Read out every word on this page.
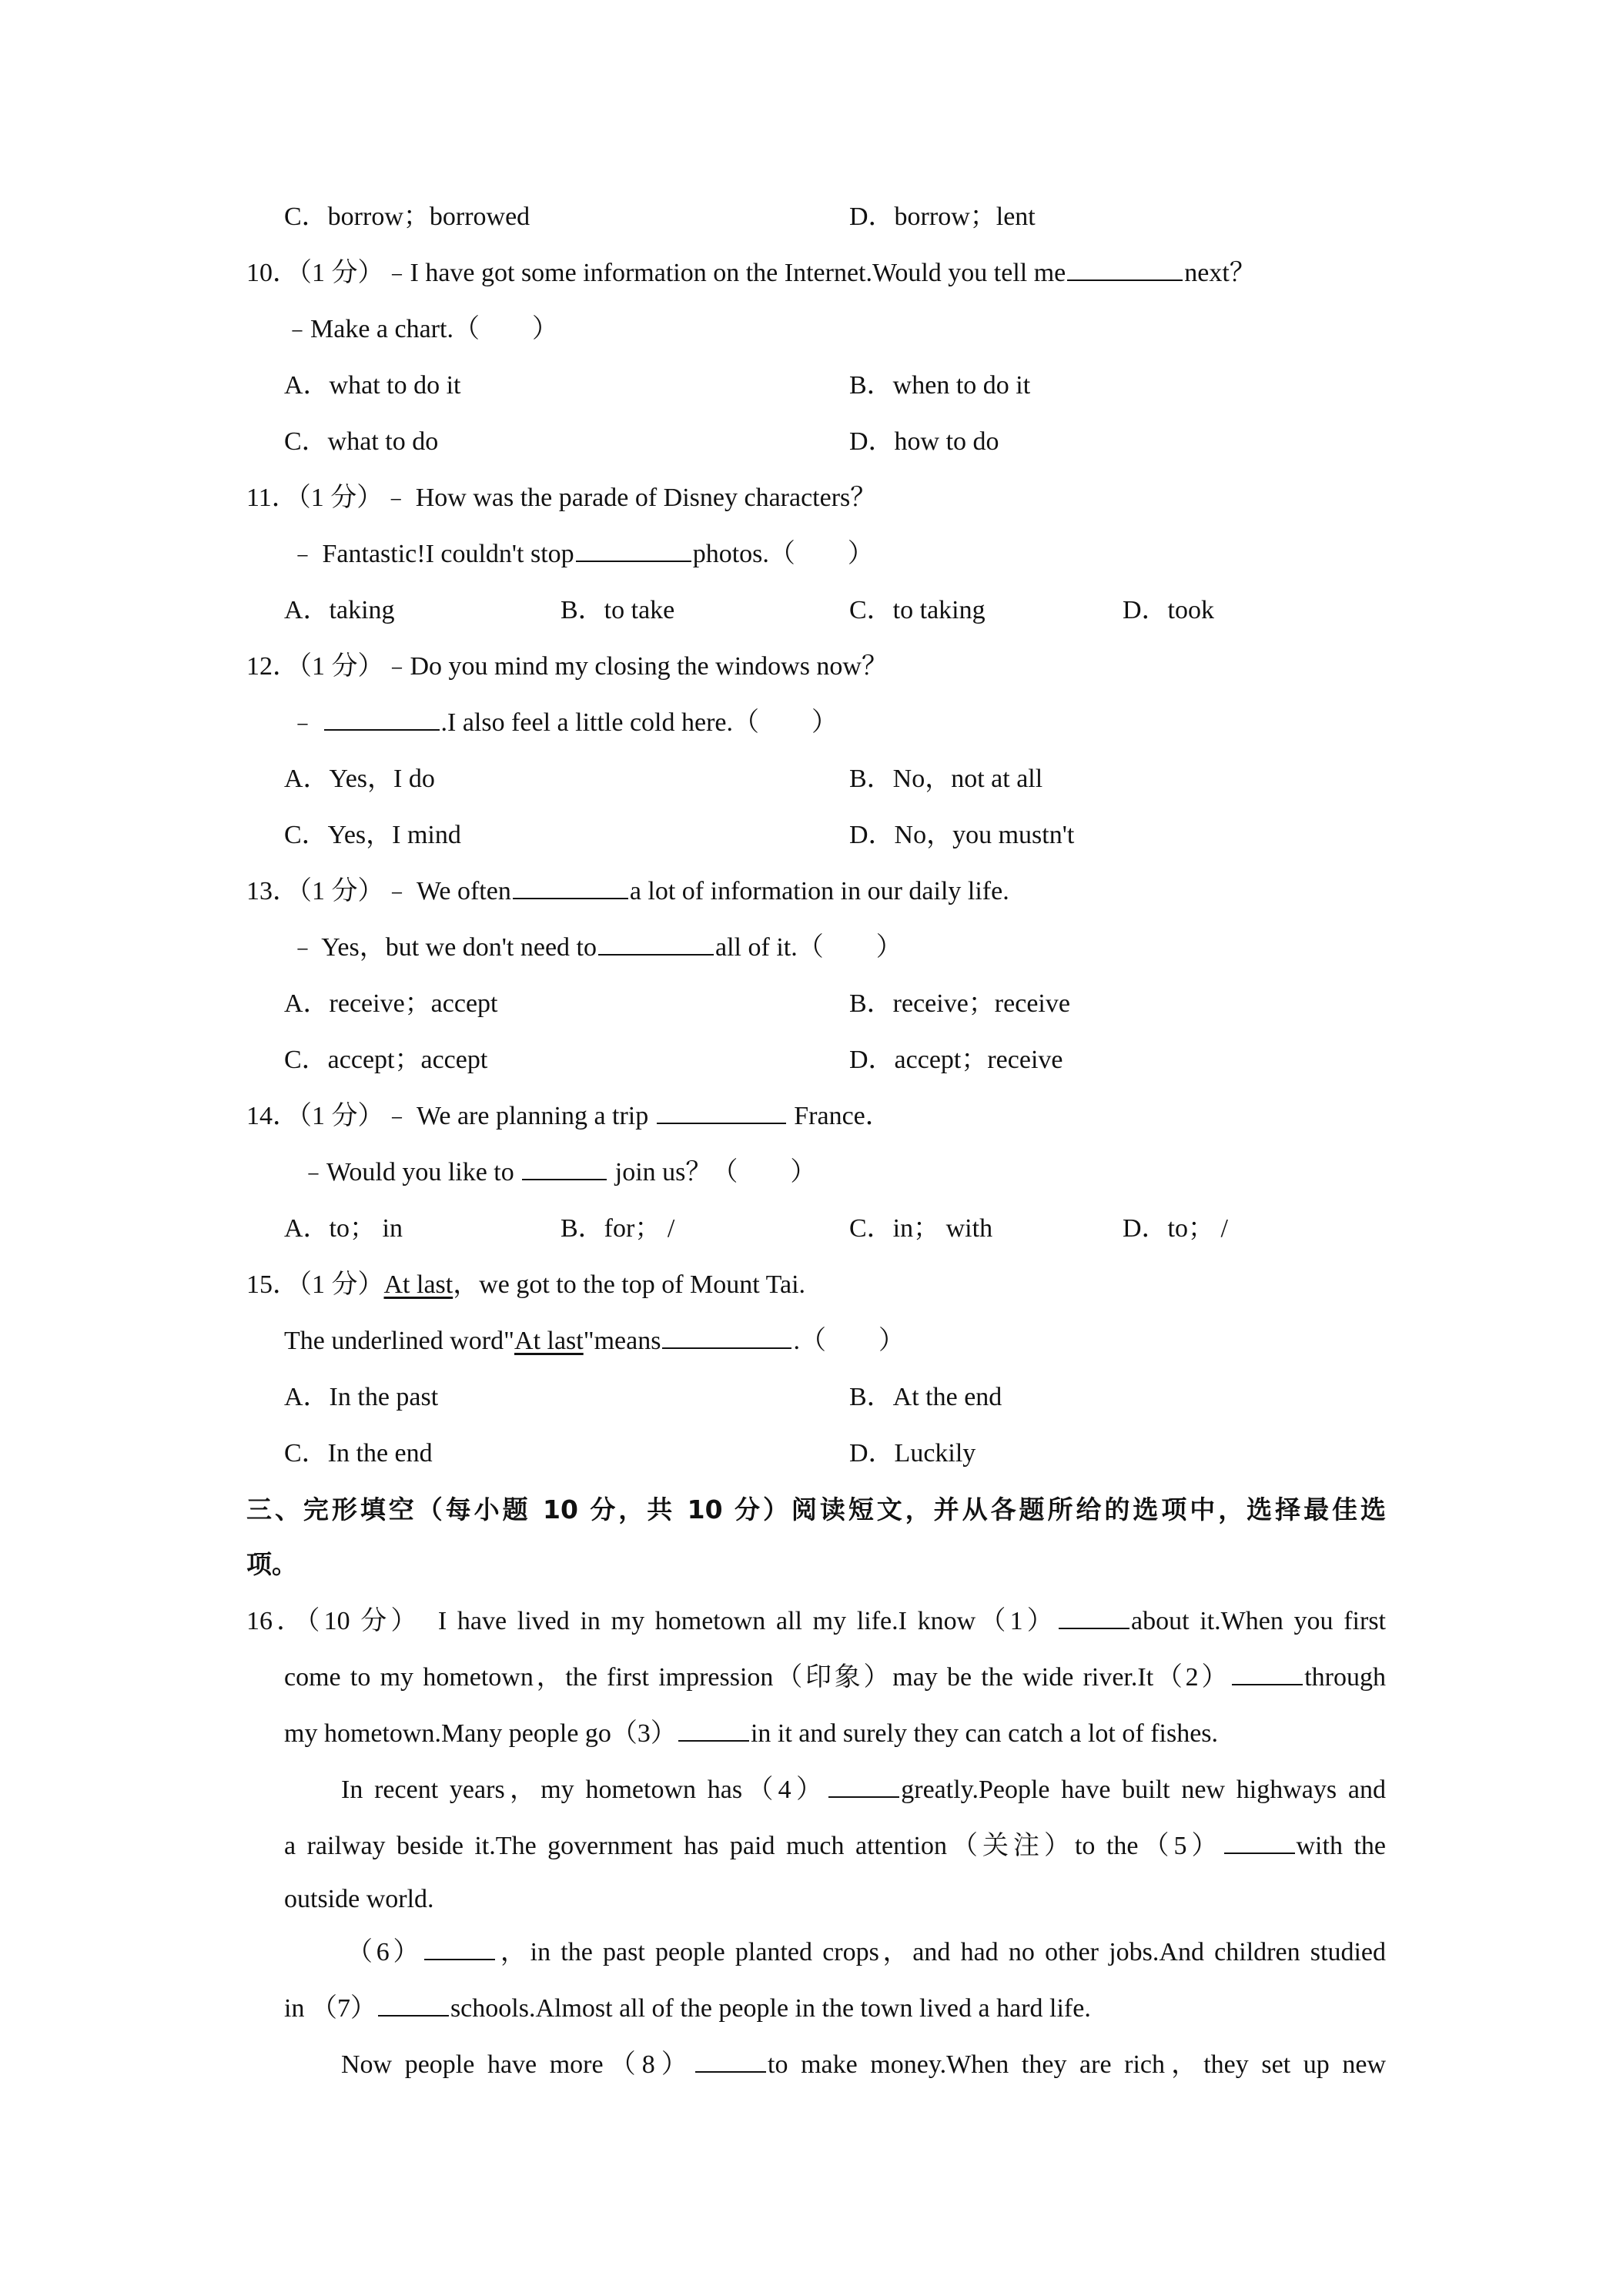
C．borrow；borrowed	D．borrow；lent
10．（1 分）﹣I have got some information on the Internet.Would you tell me	next？
﹣Make a chart.（　　）
A．what to do it	B．when to do it
C．what to do	D．how to do
11．（1 分）﹣ How was the parade of Disney characters？
﹣ Fantastic!I couldn't stop	photos.（　　）
A．taking	B．to take	C．to taking	D．took
12．（1 分）﹣Do you mind my closing the windows now？
﹣	.I also feel a little cold here.（　　）
A．Yes，I do	B．No，not at all
C．Yes，I mind	D．No，you mustn't
13．（1 分）﹣ We often	a lot of information in our daily life.
﹣ Yes，but we don't need to	all of it.（　　）
A．receive；accept	B．receive；receive
C．accept；accept	D．accept；receive
14．（1 分）﹣ We are planning a trip	France．
﹣Would you like to	join us？（　　）
A．to； in	B．for； /	C．in； with	D．to； /
15．（1 分）At last，we got to the top of Mount Tai.
The underlined word"At last"means	.（　　）
A．In the past	B．At the end
C．In the end	D．Luckily
三、完形填空（每小题 10 分，共 10 分）阅读短文，并从各题所给的选项中，选择最佳选
项。
16．（10 分）　I have lived in my hometown all my life.I know（1）	about it.When you first
come to my hometown，the first impression（印象）may be the wide river.It（2）	through
my hometown.Many people go（3）	in it and surely they can catch a lot of fishes.
In recent years，my hometown has（4）	greatly.People have built new highways and
a railway beside it.The government has paid much attention（关注）to the（5）	with the
outside world.
（6）	，in the past people planted crops，and had no other jobs.And children studied
in （7）	schools.Almost all of the people in the town lived a hard life.
Now people have more（8）	to make money.When they are rich，they set up new
